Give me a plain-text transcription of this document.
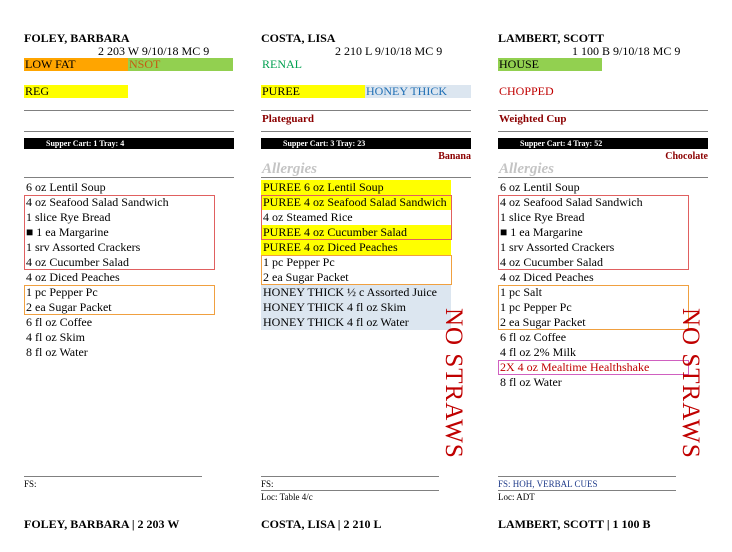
FOLEY, BARBARA
2 203 W 9/10/18 MC 9
LOW FAT	NSOT
REG
Supper Cart: 1 Tray: 4
6 oz Lentil Soup
4 oz Seafood Salad Sandwich
1 slice Rye Bread
■ 1 ea Margarine
1 srv Assorted Crackers
4 oz Cucumber Salad
4 oz Diced Peaches
1 pc Pepper Pc
2 ea Sugar Packet
6 fl oz Coffee
4 fl oz Skim
8 fl oz Water
FS:
FOLEY, BARBARA | 2 203 W
COSTA, LISA
2 210 L 9/10/18 MC 9
RENAL
PUREE	HONEY THICK
Plateguard
Supper Cart: 3 Tray: 23
Banana
Allergies
PUREE 6 oz Lentil Soup
PUREE 4 oz Seafood Salad Sandwich
4 oz Steamed Rice
PUREE 4 oz Cucumber Salad
PUREE 4 oz Diced Peaches
1 pc Pepper Pc
2 ea Sugar Packet
HONEY THICK ½ c Assorted Juice
HONEY THICK 4 fl oz Skim
HONEY THICK 4 fl oz Water	NO STRAWS
FS:
Loc: Table 4/c
COSTA, LISA | 2 210 L
LAMBERT, SCOTT
1 100 B 9/10/18 MC 9
HOUSE
CHOPPED
Weighted Cup
Supper Cart: 4 Tray: 52
Chocolate
Allergies
6 oz Lentil Soup
4 oz Seafood Salad Sandwich
1 slice Rye Bread
■ 1 ea Margarine
1 srv Assorted Crackers
4 oz Cucumber Salad
4 oz Diced Peaches
1 pc Salt
1 pc Pepper Pc
2 ea Sugar Packet
6 fl oz Coffee
4 fl oz 2% Milk
2X 4 oz Mealtime Healthshake
8 fl oz Water	NO STRAWS
FS: HOH, VERBAL CUES
Loc: ADT
LAMBERT, SCOTT | 1 100 B
